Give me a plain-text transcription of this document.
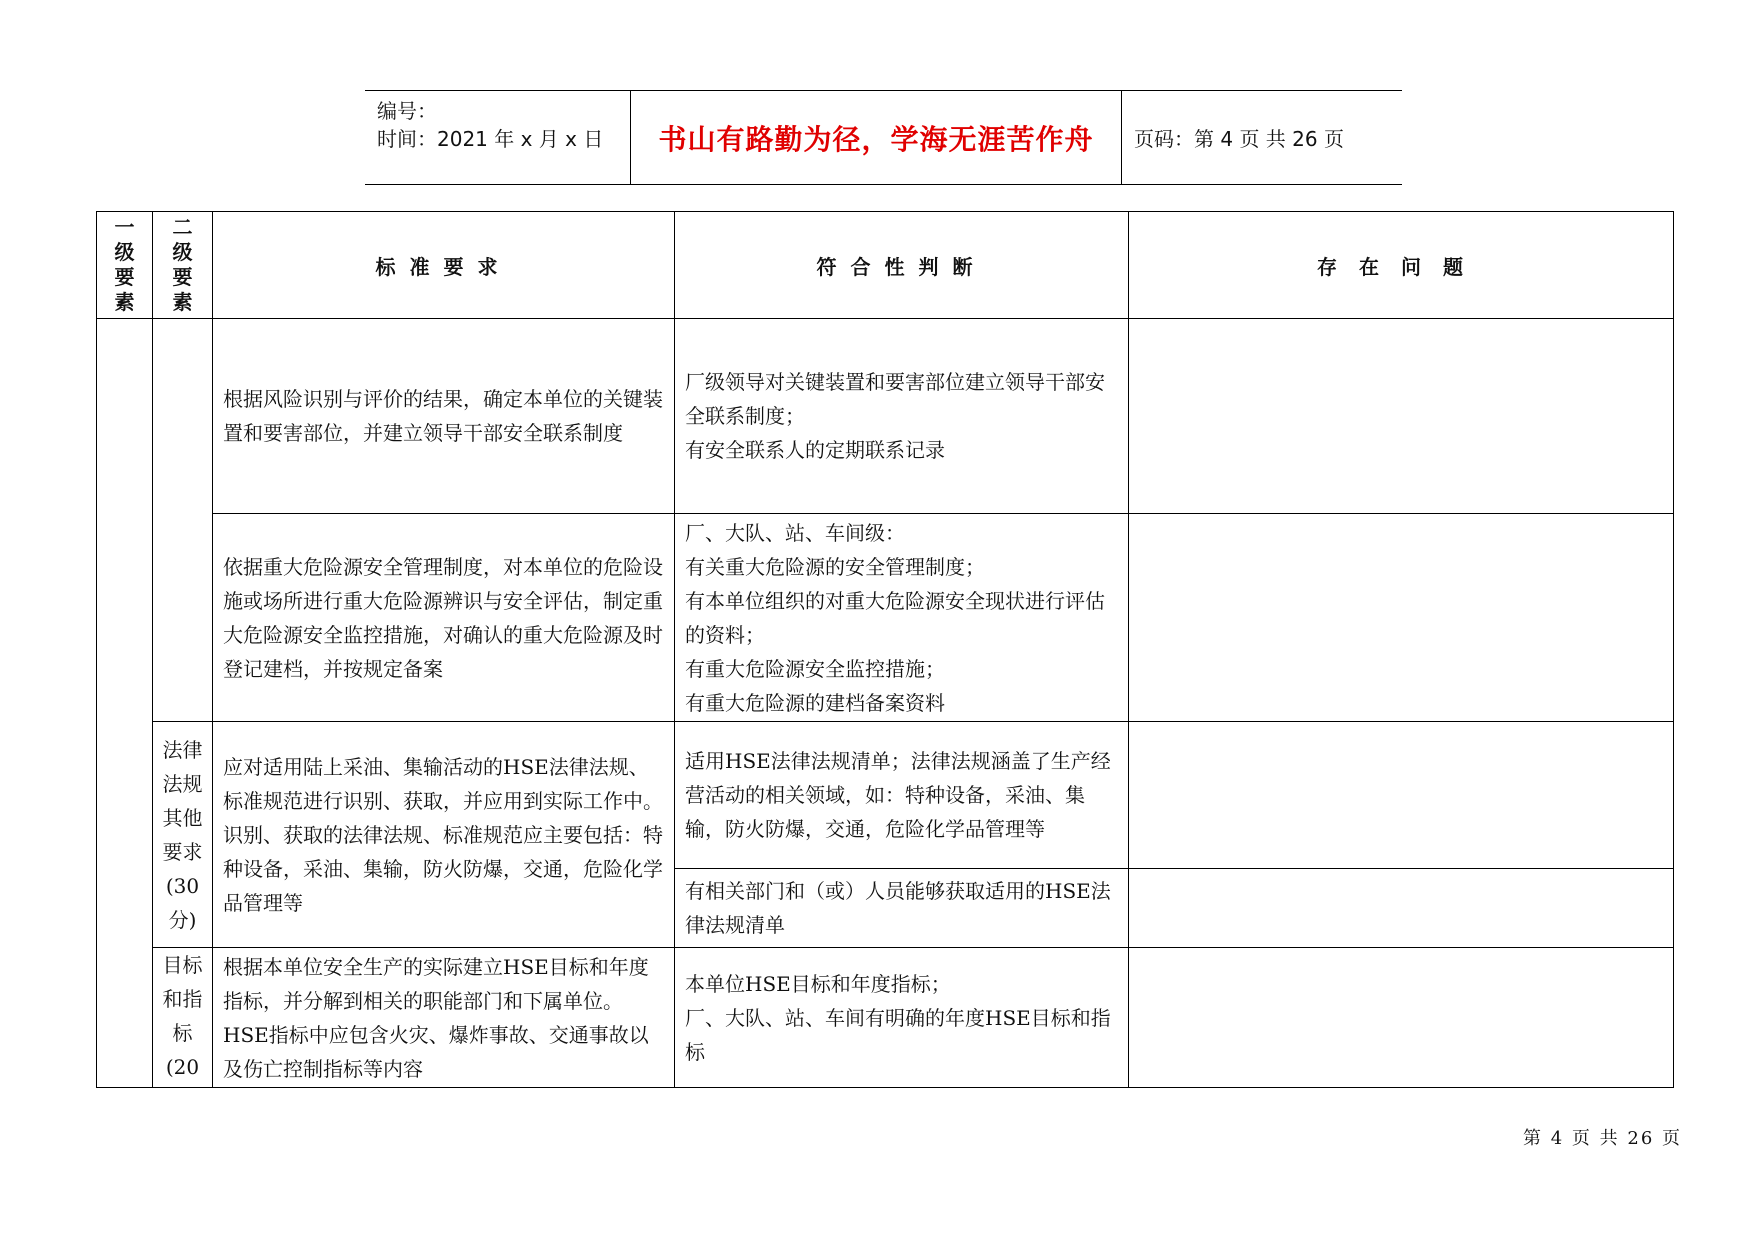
编号：
时间：2021 年 x 月 x 日	书山有路勤为径，学海无涯苦作舟	页码：第 4 页 共 26 页
一级要素	二级要素	标准要求	符合性判断	存在问题
		根据风险识别与评价的结果，确定本单位的关键装置和要害部位，并建立领导干部安全联系制度	厂级领导对关键装置和要害部位建立领导干部安全联系制度；
有安全联系人的定期联系记录	
		依据重大危险源安全管理制度，对本单位的危险设施或场所进行重大危险源辨识与安全评估，制定重大危险源安全监控措施，对确认的重大危险源及时登记建档，并按规定备案	厂、大队、站、车间级：
有关重大危险源的安全管理制度；
有本单位组织的对重大危险源安全现状进行评估的资料；
有重大危险源安全监控措施；
有重大危险源的建档备案资料	

	法律法规其他要求(30分)	应对适用陆上采油、集输活动的HSE法律法规、标准规范进行识别、获取，并应用到实际工作中。识别、获取的法律法规、标准规范应主要包括：特种设备，采油、集输，防火防爆，交通，危险化学品管理等	适用HSE法律法规清单；法律法规涵盖了生产经营活动的相关领域，如：特种设备，采油、集输，防火防爆，交通，危险化学品管理等	
			有相关部门和（或）人员能够获取适用的HSE法律法规清单	

	目标和指标(20	根据本单位安全生产的实际建立HSE目标和年度指标，并分解到相关的职能部门和下属单位。HSE指标中应包含火灾、爆炸事故、交通事故以及伤亡控制指标等内容	本单位HSE目标和年度指标；
厂、大队、站、车间有明确的年度HSE目标和指标	
第 4 页 共 26 页
